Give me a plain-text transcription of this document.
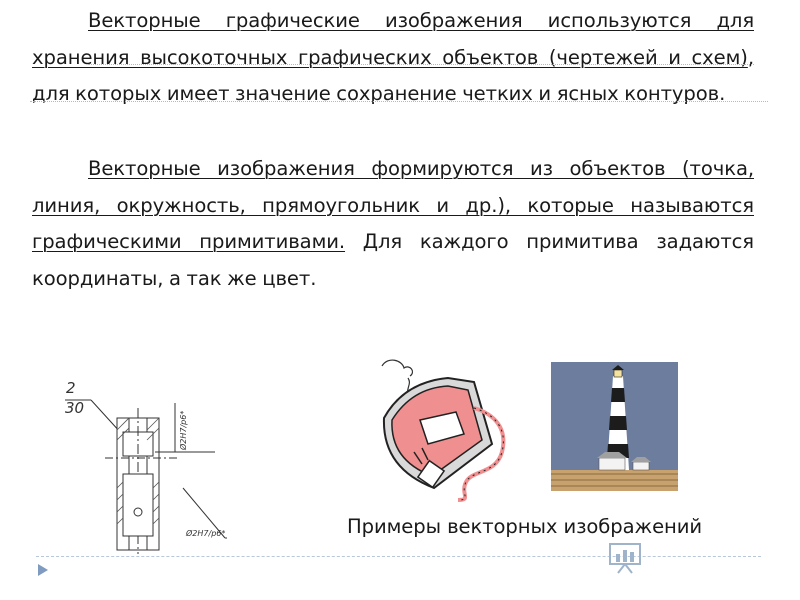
Векторные графические изображения используются для хранения высокоточных графических объектов (чертежей и схем), для которых имеет значение сохранение четких и ясных контуров.

Векторные изображения формируются из объектов (точка, линия, окружность, прямоугольник и др.), которые называются графическими примитивами. Для каждого примитива задаются координаты, а так же цвет.

2
30
Ø2H7/p6*
Ø2H7/p6*	Примеры векторных изображений
